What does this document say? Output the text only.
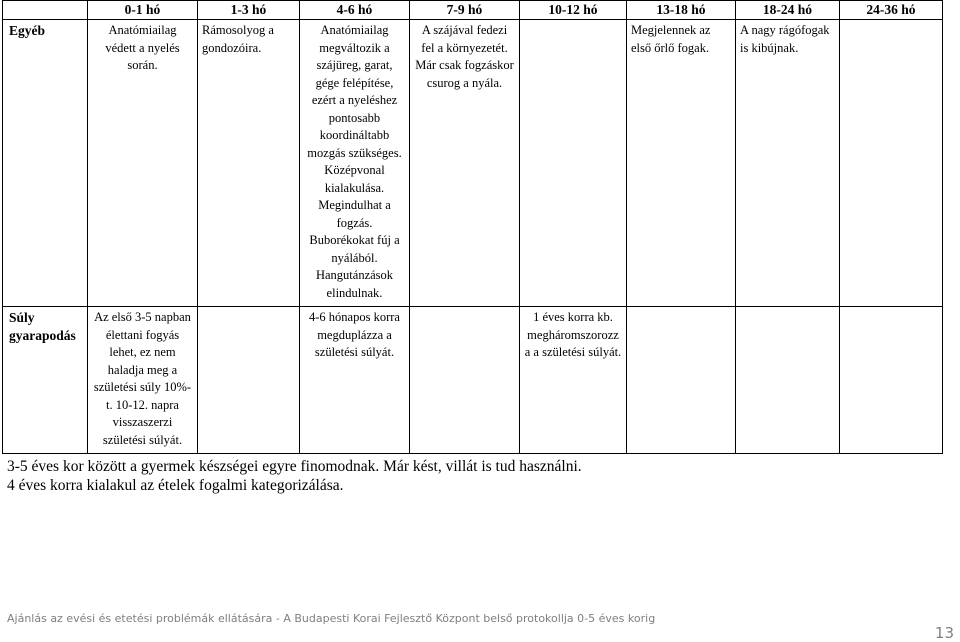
	0-1 hó	1-3 hó	4-6 hó	7-9 hó	10-12 hó	13-18 hó	18-24 hó	24-36 hó
Egyéb	Anatómiailag védett a nyelés során.	Rámosolyog a gondozóira.	Anatómiailag megváltozik a szájüreg, garat, gége felépítése, ezért a nyeléshez pontosabb koordináltabb mozgás szükséges. Középvonal kialakulása. Megindulhat a fogzás. Buborékokat fúj a nyálából. Hangutánzások elindulnak.	A szájával fedezi fel a környezetét. Már csak fogzáskor csurog a nyála.		Megjelennek az első őrlő fogak.	A nagy rágófogak is kibújnak.	
Súly gyarapodás	Az első 3-5 napban élettani fogyás lehet, ez nem haladja meg a születési súly 10%-t. 10-12. napra visszaszerzi születési súlyát.		4-6 hónapos korra megduplázza a születési súlyát.		1 éves korra kb. megháromszorozz a a születési súlyát.			
3-5 éves kor között a gyermek készségei egyre finomodnak. Már kést, villát is tud használni.
4 éves korra kialakul az ételek fogalmi kategorizálása.
Ajánlás az evési és etetési problémák ellátására - A Budapesti Korai Fejlesztő Központ belső protokollja 0-5 éves korig
13
